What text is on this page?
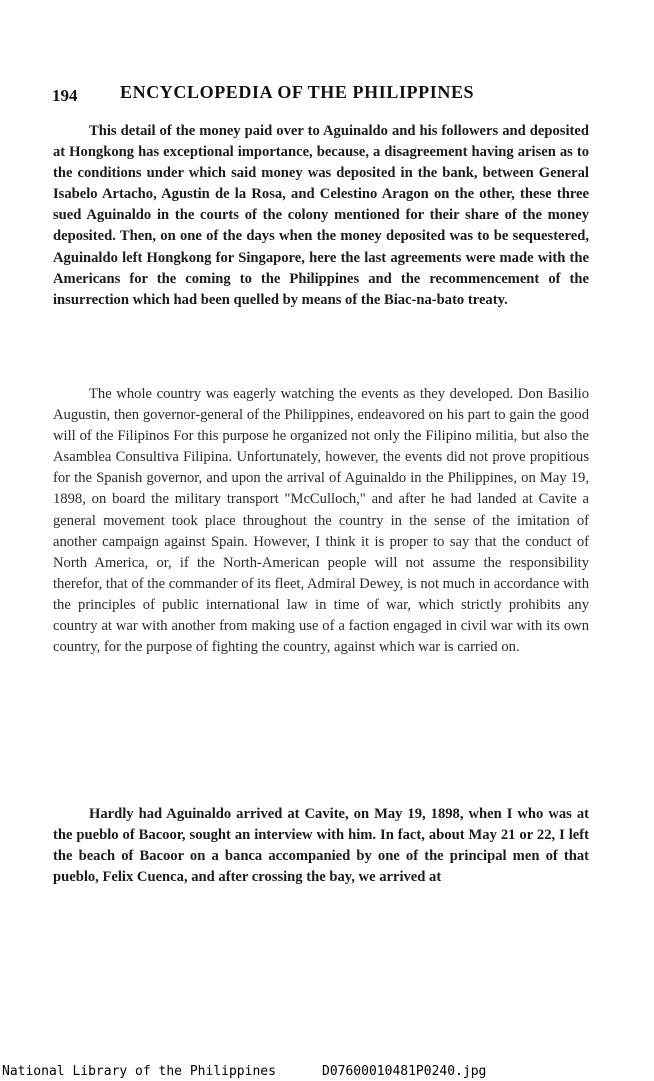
194 ENCYCLOPEDIA OF THE PHILIPPINES

This detail of the money paid over to Aguinaldo and his followers and deposited at Hongkong has exceptional importance, because, a disagreement having arisen as to the conditions under which said money was deposited in the bank, between General Isabelo Artacho, Agustin de la Rosa, and Celestino Aragon on the other, these three sued Aguinaldo in the courts of the colony mentioned for their share of the money deposited. Then, on one of the days when the money deposited was to be sequestered, Aguinaldo left Hongkong for Singapore, here the last agreements were made with the Americans for the coming to the Philippines and the recommencement of the insurrection which had been quelled by means of the Biac-na-bato treaty.

The whole country was eagerly watching the events as they developed. Don Basilio Augustin, then governor-general of the Philippines, endeavored on his part to gain the good will of the Filipinos For this purpose he organized not only the Filipino militia, but also the Asamblea Consultiva Filipina. Unfortunately, however, the events did not prove propitious for the Spanish governor, and upon the arrival of Aguinaldo in the Philippines, on May 19, 1898, on board the military transport "McCulloch," and after he had landed at Cavite a general movement took place throughout the country in the sense of the imitation of another campaign against Spain. However, I think it is proper to say that the conduct of North America, or, if the North-American people will not assume the responsibility therefor, that of the commander of its fleet, Admiral Dewey, is not much in accordance with the principles of public international law in time of war, which strictly prohibits any country at war with another from making use of a faction engaged in civil war with its own country, for the purpose of fighting the country, against which war is carried on.

Hardly had Aguinaldo arrived at Cavite, on May 19, 1898, when I who was at the pueblo of Bacoor, sought an interview with him. In fact, about May 21 or 22, I left the beach of Bacoor on a banca accompanied by one of the principal men of that pueblo, Felix Cuenca, and after crossing the bay, we arrived at

National Library of the Philippines	D07600010481P0240.jpg
